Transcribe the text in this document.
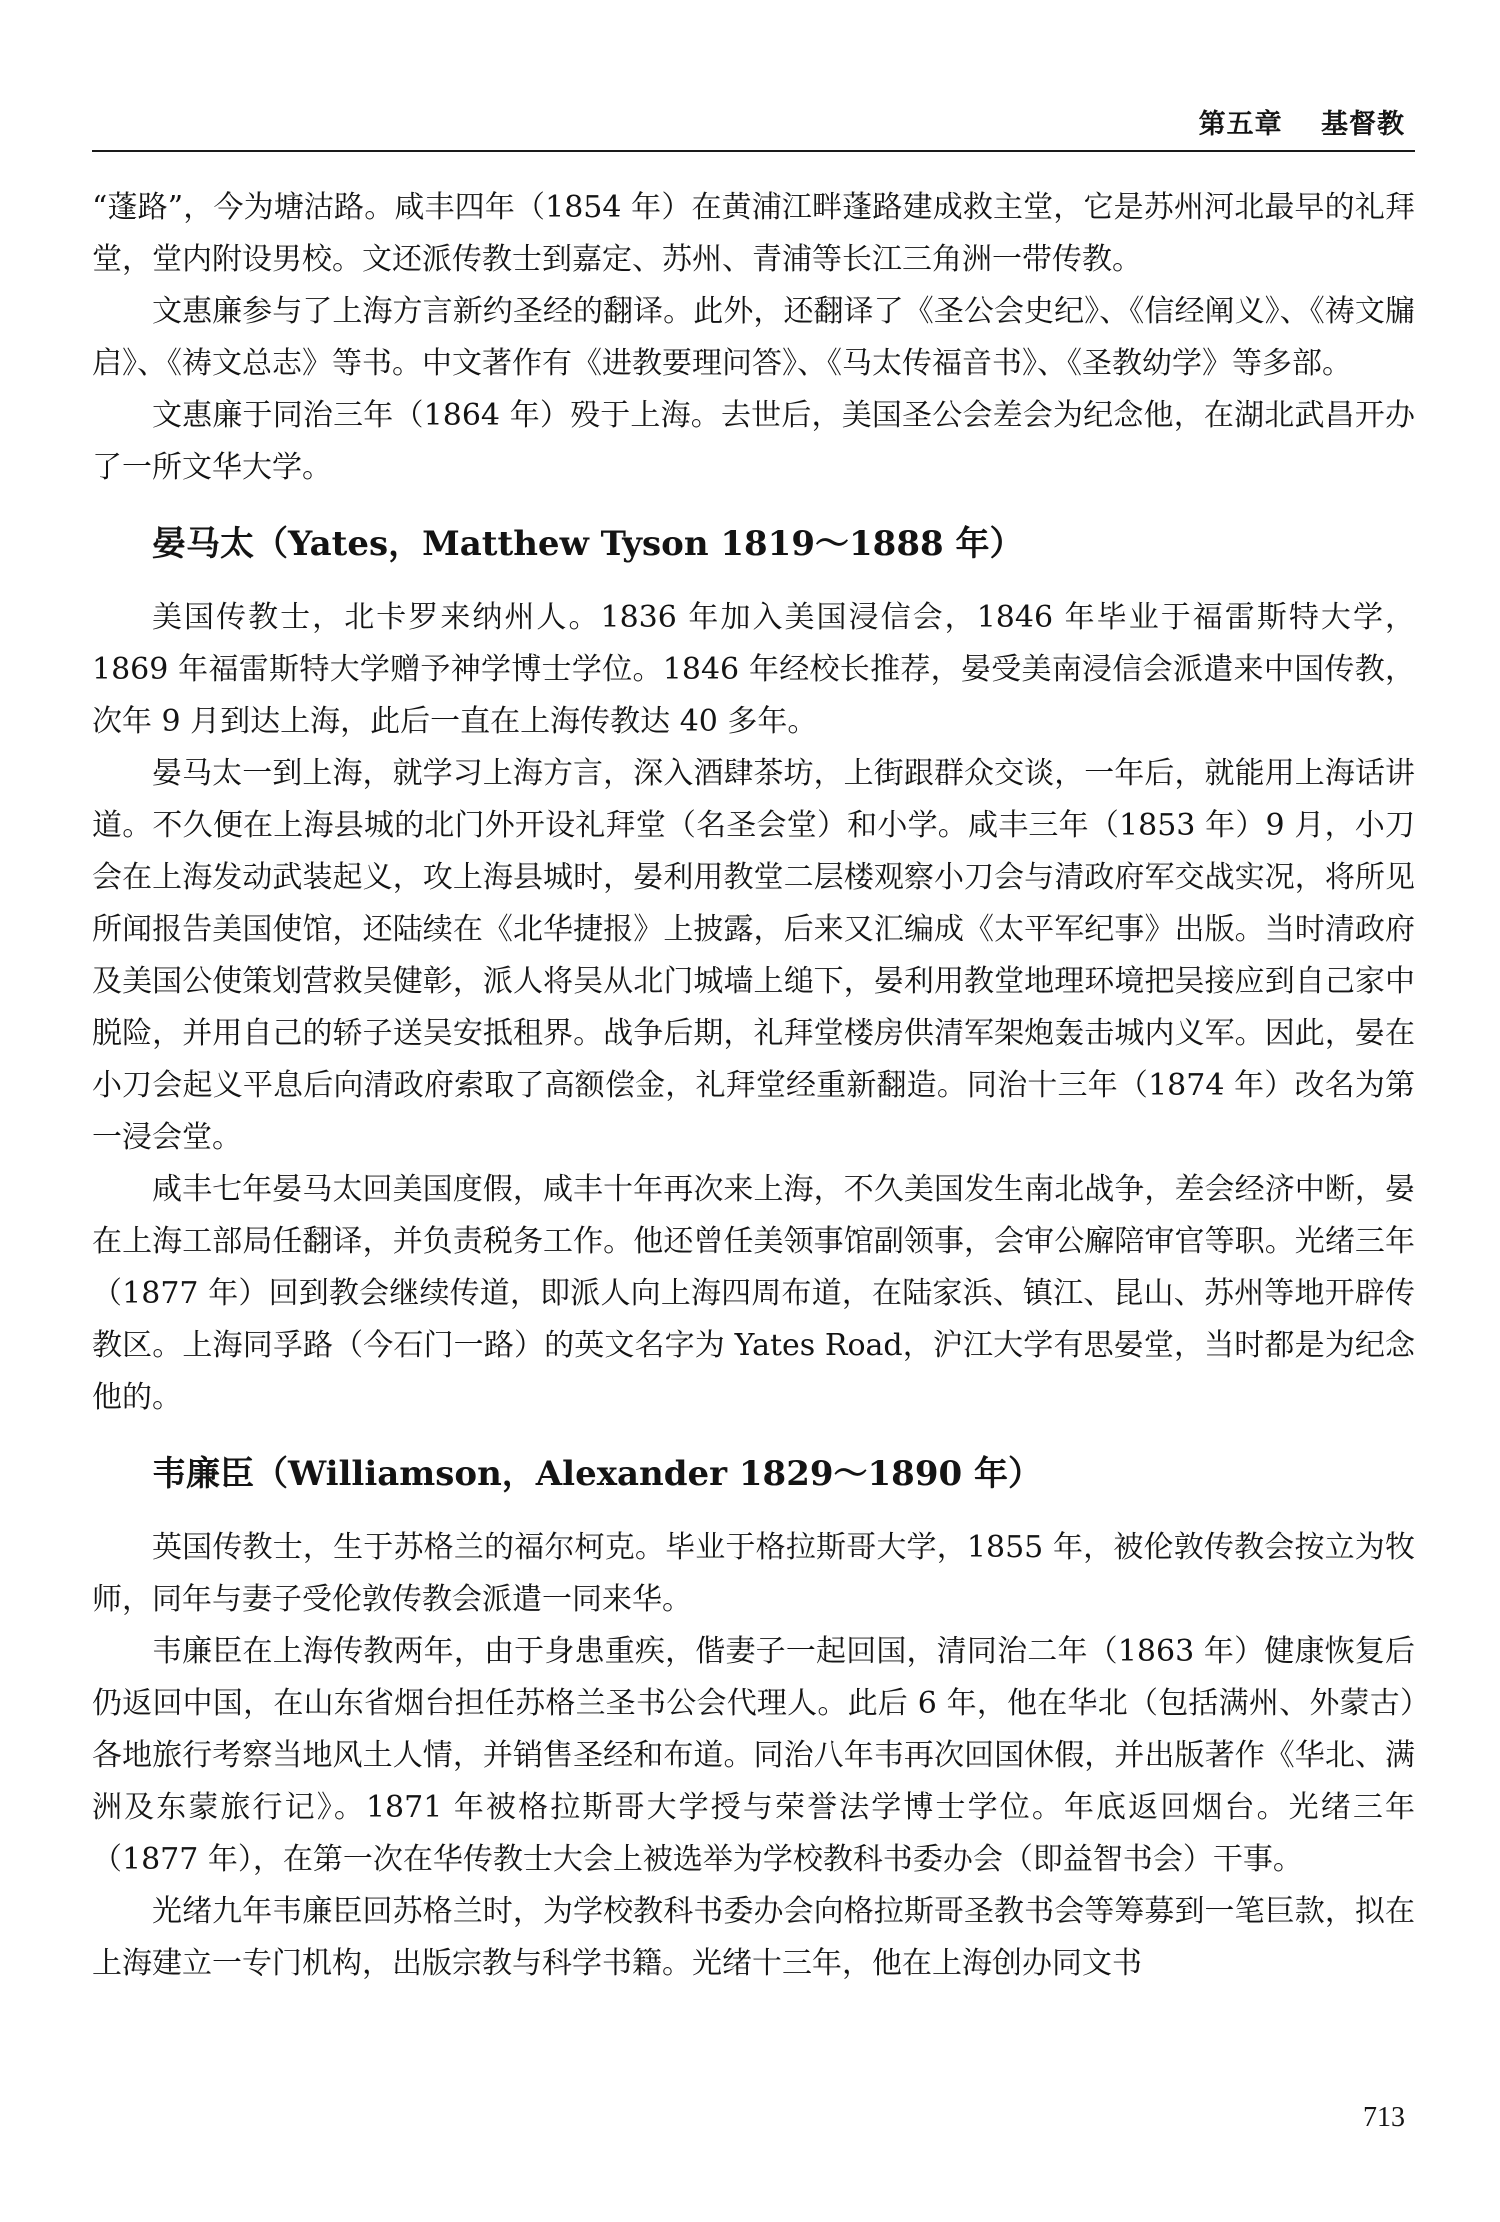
第五章 基督教

“蓬路”，今为塘沽路。咸丰四年（1854 年）在黄浦江畔蓬路建成救主堂，它是苏州河北最早的礼拜堂，堂内附设男校。文还派传教士到嘉定、苏州、青浦等长江三角洲一带传教。

文惠廉参与了上海方言新约圣经的翻译。此外，还翻译了《圣公会史纪》、《信经阐义》、《祷文牖启》、《祷文总志》等书。中文著作有《进教要理问答》、《马太传福音书》、《圣教幼学》等多部。

文惠廉于同治三年（1864 年）殁于上海。去世后，美国圣公会差会为纪念他，在湖北武昌开办了一所文华大学。

晏马太（Yates，Matthew Tyson 1819～1888 年）

美国传教士，北卡罗来纳州人。1836 年加入美国浸信会，1846 年毕业于福雷斯特大学，1869 年福雷斯特大学赠予神学博士学位。1846 年经校长推荐，晏受美南浸信会派遣来中国传教，次年 9 月到达上海，此后一直在上海传教达 40 多年。

晏马太一到上海，就学习上海方言，深入酒肆茶坊，上街跟群众交谈，一年后，就能用上海话讲道。不久便在上海县城的北门外开设礼拜堂（名圣会堂）和小学。咸丰三年（1853 年）9 月，小刀会在上海发动武装起义，攻上海县城时，晏利用教堂二层楼观察小刀会与清政府军交战实况，将所见所闻报告美国使馆，还陆续在《北华捷报》上披露，后来又汇编成《太平军纪事》出版。当时清政府及美国公使策划营救吴健彰，派人将吴从北门城墙上缒下，晏利用教堂地理环境把吴接应到自己家中脱险，并用自己的轿子送吴安抵租界。战争后期，礼拜堂楼房供清军架炮轰击城内义军。因此，晏在小刀会起义平息后向清政府索取了高额偿金，礼拜堂经重新翻造。同治十三年（1874 年）改名为第一浸会堂。

咸丰七年晏马太回美国度假，咸丰十年再次来上海，不久美国发生南北战争，差会经济中断，晏在上海工部局任翻译，并负责税务工作。他还曾任美领事馆副领事，会审公廨陪审官等职。光绪三年（1877 年）回到教会继续传道，即派人向上海四周布道，在陆家浜、镇江、昆山、苏州等地开辟传教区。上海同孚路（今石门一路）的英文名字为 Yates Road，沪江大学有思晏堂，当时都是为纪念他的。

韦廉臣（Williamson，Alexander 1829～1890 年）

英国传教士，生于苏格兰的福尔柯克。毕业于格拉斯哥大学，1855 年，被伦敦传教会按立为牧师，同年与妻子受伦敦传教会派遣一同来华。

韦廉臣在上海传教两年，由于身患重疾，偕妻子一起回国，清同治二年（1863 年）健康恢复后仍返回中国，在山东省烟台担任苏格兰圣书公会代理人。此后 6 年，他在华北（包括满州、外蒙古）各地旅行考察当地风土人情，并销售圣经和布道。同治八年韦再次回国休假，并出版著作《华北、满洲及东蒙旅行记》。1871 年被格拉斯哥大学授与荣誉法学博士学位。年底返回烟台。光绪三年（1877 年），在第一次在华传教士大会上被选举为学校教科书委办会（即益智书会）干事。

光绪九年韦廉臣回苏格兰时，为学校教科书委办会向格拉斯哥圣教书会等筹募到一笔巨款，拟在上海建立一专门机构，出版宗教与科学书籍。光绪十三年，他在上海创办同文书

713
